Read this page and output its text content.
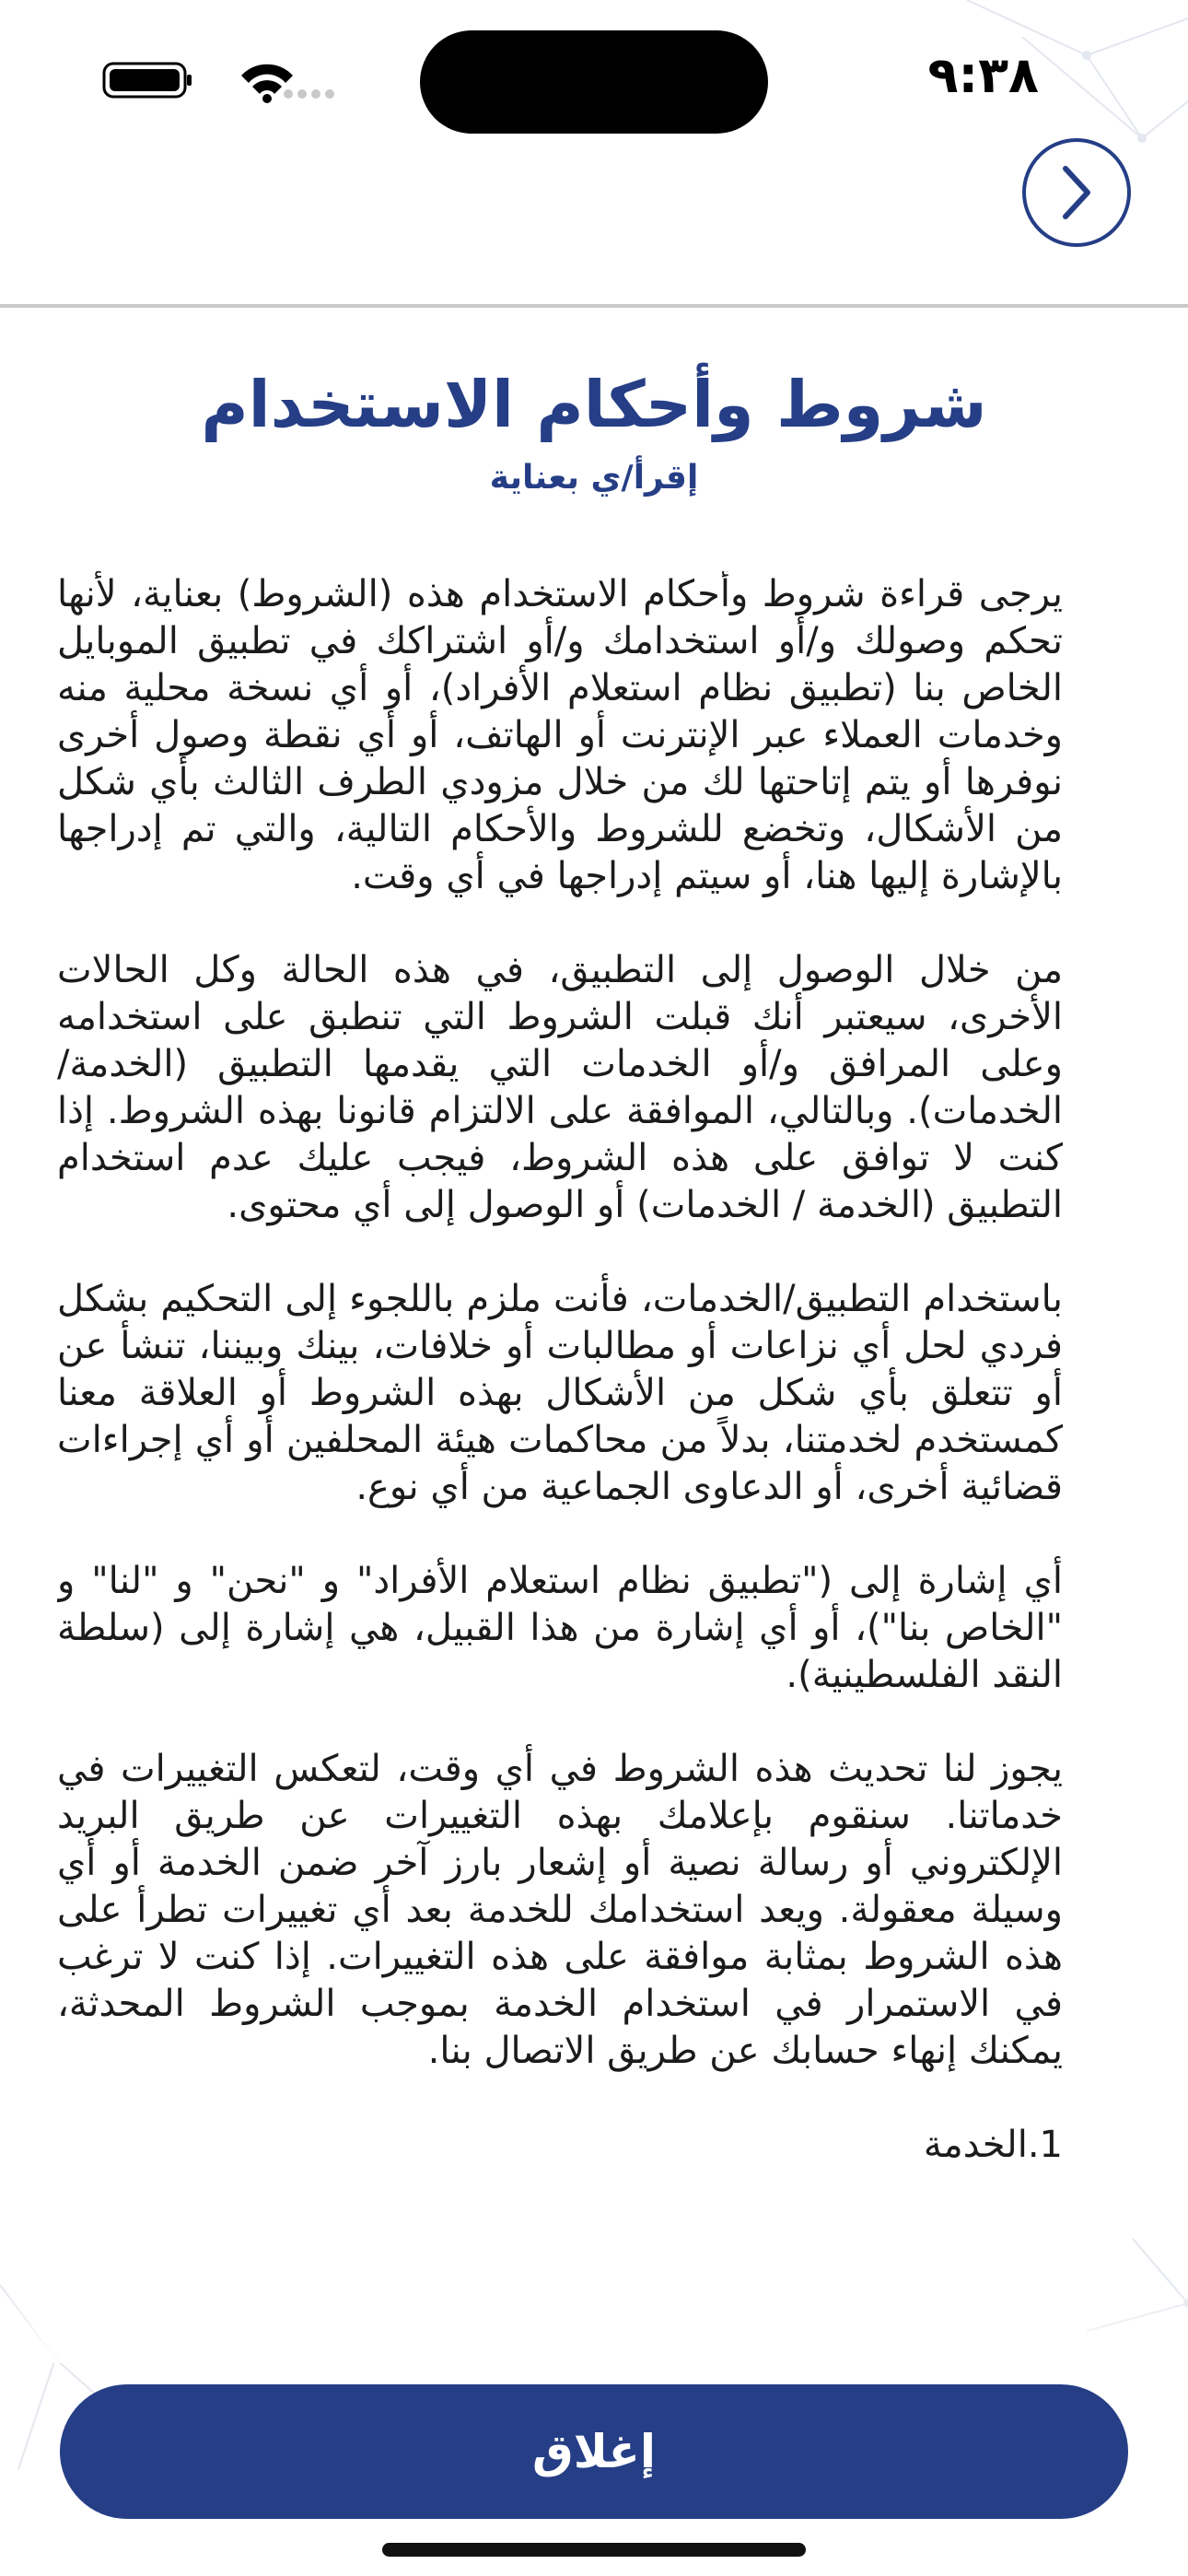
٩:٣٨
شروط وأحكام الاستخدام
إقرأ/ي بعناية

يرجى قراءة شروط وأحكام الاستخدام هذه (الشروط) بعناية، لأنها تحكم وصولك و/أو استخدامك و/أو اشتراكك في تطبيق الموبايل الخاص بنا (تطبيق نظام استعلام الأفراد)، أو أي نسخة محلية منه وخدمات العملاء عبر الإنترنت أو الهاتف، أو أي نقطة وصول أخرى نوفرها أو يتم إتاحتها لك من خلال مزودي الطرف الثالث بأي شكل من الأشكال، وتخضع للشروط والأحكام التالية، والتي تم إدراجها بالإشارة إليها هنا، أو سيتم إدراجها في أي وقت.

من خلال الوصول إلى التطبيق، في هذه الحالة وكل الحالات الأخرى، سيعتبر أنك قبلت الشروط التي تنطبق على استخدامه وعلى المرافق و/أو الخدمات التي يقدمها التطبيق (الخدمة/الخدمات). وبالتالي، الموافقة على الالتزام قانونا بهذه الشروط. إذا كنت لا توافق على هذه الشروط، فيجب عليك عدم استخدام التطبيق (الخدمة / الخدمات) أو الوصول إلى أي محتوى.

باستخدام التطبيق/الخدمات، فأنت ملزم باللجوء إلى التحكيم بشكل فردي لحل أي نزاعات أو مطالبات أو خلافات، بينك وبيننا، تنشأ عن أو تتعلق بأي شكل من الأشكال بهذه الشروط أو العلاقة معنا كمستخدم لخدمتنا، بدلاً من محاكمات هيئة المحلفين أو أي إجراءات قضائية أخرى، أو الدعاوى الجماعية من أي نوع.

أي إشارة إلى ("تطبيق نظام استعلام الأفراد" و "نحن" و "لنا" و "الخاص بنا")، أو أي إشارة من هذا القبيل، هي إشارة إلى (سلطة النقد الفلسطينية).

يجوز لنا تحديث هذه الشروط في أي وقت، لتعكس التغييرات في خدماتنا. سنقوم بإعلامك بهذه التغييرات عن طريق البريد الإلكتروني أو رسالة نصية أو إشعار بارز آخر ضمن الخدمة أو أي وسيلة معقولة. ويعد استخدامك للخدمة بعد أي تغييرات تطرأ على هذه الشروط بمثابة موافقة على هذه التغييرات. إذا كنت لا ترغب في الاستمرار في استخدام الخدمة بموجب الشروط المحدثة، يمكنك إنهاء حسابك عن طريق الاتصال بنا.

1.الخدمة

إغلاق
